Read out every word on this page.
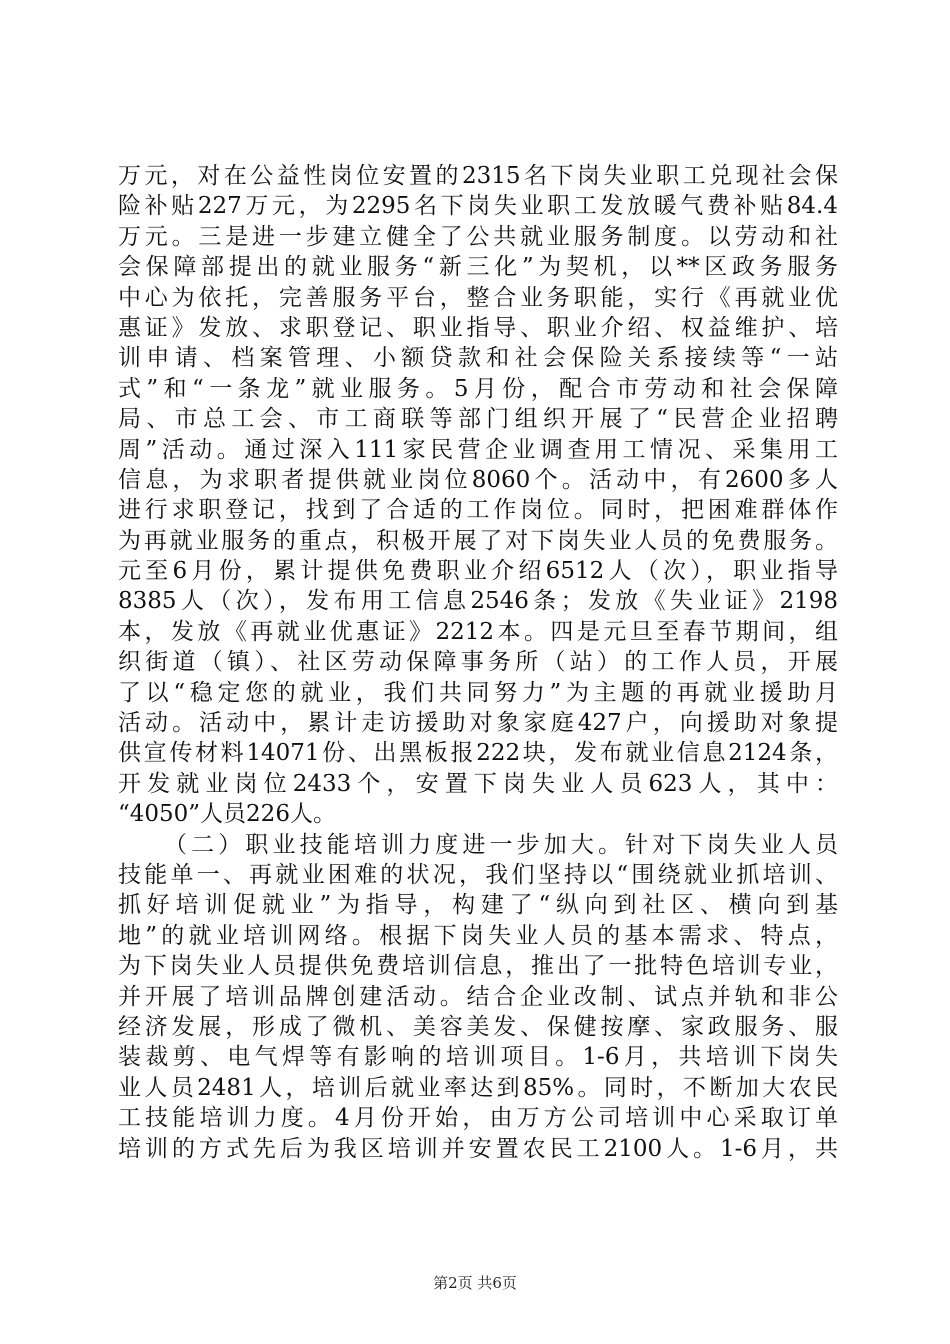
万元，对在公益性岗位安置的2315名下岗失业职工兑现社会保
险补贴227万元，为2295名下岗失业职工发放暖气费补贴84.4
万元。三是进一步建立健全了公共就业服务制度。以劳动和社
会保障部提出的就业服务“新三化”为契机，以**区政务服务
中心为依托，完善服务平台，整合业务职能，实行《再就业优
惠证》发放、求职登记、职业指导、职业介绍、权益维护、培
训申请、档案管理、小额贷款和社会保险关系接续等“一站
式”和“一条龙”就业服务。5月份，配合市劳动和社会保障
局、市总工会、市工商联等部门组织开展了“民营企业招聘
周”活动。通过深入111家民营企业调查用工情况、采集用工
信息，为求职者提供就业岗位8060个。活动中，有2600多人
进行求职登记，找到了合适的工作岗位。同时，把困难群体作
为再就业服务的重点，积极开展了对下岗失业人员的免费服务。
元至6月份，累计提供免费职业介绍6512人（次），职业指导
8385人（次），发布用工信息2546条；发放《失业证》2198
本，发放《再就业优惠证》2212本。四是元旦至春节期间，组
织街道（镇）、社区劳动保障事务所（站）的工作人员，开展
了以“稳定您的就业，我们共同努力”为主题的再就业援助月
活动。活动中，累计走访援助对象家庭427户，向援助对象提
供宣传材料14071份、出黑板报222块，发布就业信息2124条，
开发就业岗位2433个，安置下岗失业人员623人，其中：
“4050”人员226人。
（二）职业技能培训力度进一步加大。针对下岗失业人员
技能单一、再就业困难的状况，我们坚持以“围绕就业抓培训、
抓好培训促就业”为指导，构建了“纵向到社区、横向到基
地”的就业培训网络。根据下岗失业人员的基本需求、特点，
为下岗失业人员提供免费培训信息，推出了一批特色培训专业，
并开展了培训品牌创建活动。结合企业改制、试点并轨和非公
经济发展，形成了微机、美容美发、保健按摩、家政服务、服
装裁剪、电气焊等有影响的培训项目。1-6月，共培训下岗失
业人员2481人，培训后就业率达到85%。同时，不断加大农民
工技能培训力度。4月份开始，由万方公司培训中心采取订单
培训的方式先后为我区培训并安置农民工2100人。1-6月，共
第2页 共6页
